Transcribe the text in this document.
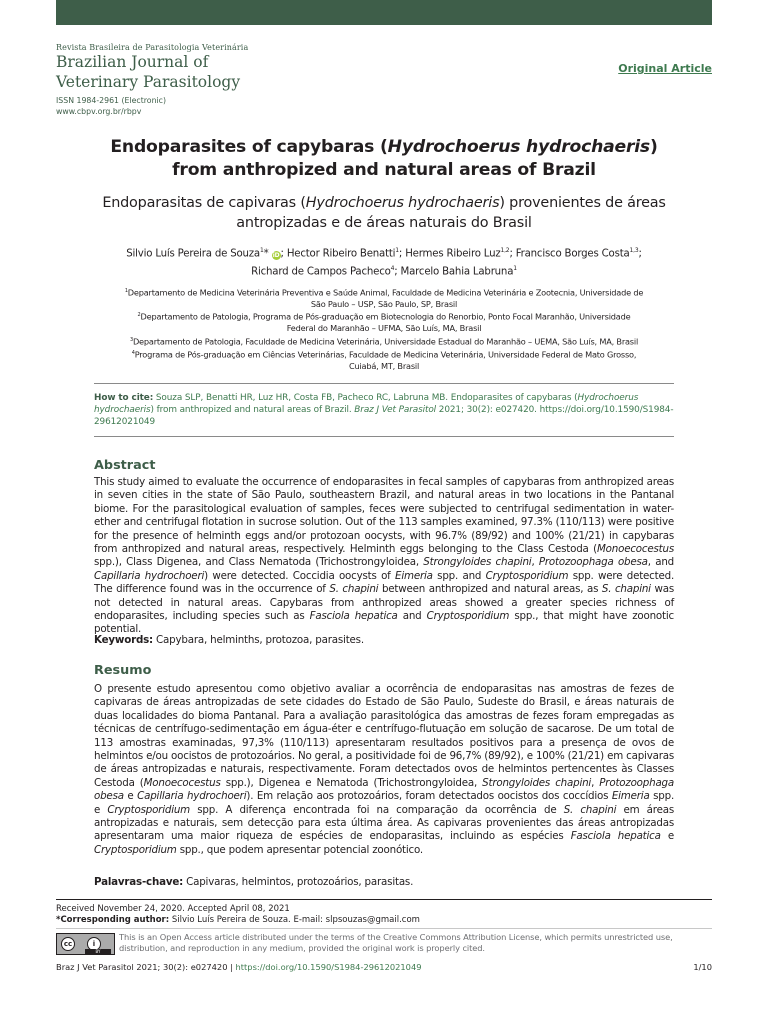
Revista Brasileira de Parasitologia Veterinária
Brazilian Journal of
Veterinary Parasitology
ISSN 1984-2961 (Electronic)
www.cbpv.org.br/rbpv
Original Article
Endoparasites of capybaras (Hydrochoerus hydrochaeris)
from anthropized and natural areas of Brazil
Endoparasitas de capivaras (Hydrochoerus hydrochaeris) provenientes de áreas
antropizadas e de áreas naturais do Brasil
Silvio Luís Pereira de Souza$^1$* iD; Hector Ribeiro Benatti$^1$; Hermes Ribeiro Luz$^{1,2}$; Francisco Borges Costa$^{1,3}$;
Richard de Campos Pacheco$^4$; Marcelo Bahia Labruna$^1$

$^1$Departamento de Medicina Veterinária Preventiva e Saúde Animal, Faculdade de Medicina Veterinária e Zootecnia, Universidade de
São Paulo – USP, São Paulo, SP, Brasil

$^2$Departamento de Patologia, Programa de Pós-graduação em Biotecnologia do Renorbio, Ponto Focal Maranhão, Universidade
Federal do Maranhão – UFMA, São Luís, MA, Brasil

$^3$Departamento de Patologia, Faculdade de Medicina Veterinária, Universidade Estadual do Maranhão – UEMA, São Luís, MA, Brasil

$^4$Programa de Pós-graduação em Ciências Veterinárias, Faculdade de Medicina Veterinária, Universidade Federal de Mato Grosso,
Cuiabá, MT, Brasil

How to cite: Souza SLP, Benatti HR, Luz HR, Costa FB, Pacheco RC, Labruna MB. Endoparasites of capybaras (Hydrochoerus hydrochaeris) from anthropized and natural areas of Brazil. Braz J Vet Parasitol 2021; 30(2): e027420. https://doi.org/10.1590/S1984-29612021049
Abstract

This study aimed to evaluate the occurrence of endoparasites in fecal samples of capybaras from anthropized areas in seven cities in the state of São Paulo, southeastern Brazil, and natural areas in two locations in the Pantanal biome. For the parasitological evaluation of samples, feces were subjected to centrifugal sedimentation in water-ether and centrifugal flotation in sucrose solution. Out of the 113 samples examined, 97.3% (110/113) were positive for the presence of helminth eggs and/or protozoan oocysts, with 96.7% (89/92) and 100% (21/21) in capybaras from anthropized and natural areas, respectively. Helminth eggs belonging to the Class Cestoda (Monoecocestus spp.), Class Digenea, and Class Nematoda (Trichostrongyloidea, Strongyloides chapini, Protozoophaga obesa, and Capillaria hydrochoeri) were detected. Coccidia oocysts of Eimeria spp. and Cryptosporidium spp. were detected. The difference found was in the occurrence of S. chapini between anthropized and natural areas, as S. chapini was not detected in natural areas. Capybaras from anthropized areas showed a greater species richness of endoparasites, including species such as Fasciola hepatica and Cryptosporidium spp., that might have zoonotic potential.

Keywords: Capybara, helminths, protozoa, parasites.
Resumo

O presente estudo apresentou como objetivo avaliar a ocorrência de endoparasitas nas amostras de fezes de capivaras de áreas antropizadas de sete cidades do Estado de São Paulo, Sudeste do Brasil, e áreas naturais de duas localidades do bioma Pantanal. Para a avaliação parasitológica das amostras de fezes foram empregadas as técnicas de centrífugo-sedimentação em água-éter e centrífugo-flutuação em solução de sacarose. De um total de 113 amostras examinadas, 97,3% (110/113) apresentaram resultados positivos para a presença de ovos de helmintos e/ou oocistos de protozoários. No geral, a positividade foi de 96,7% (89/92), e 100% (21/21) em capivaras de áreas antropizadas e naturais, respectivamente. Foram detectados ovos de helmintos pertencentes às Classes Cestoda (Monoecocestus spp.), Digenea e Nematoda (Trichostrongyloidea, Strongyloides chapini, Protozoophaga obesa e Capillaria hydrochoeri). Em relação aos protozoários, foram detectados oocistos dos coccídios Eimeria spp. e Cryptosporidium spp. A diferença encontrada foi na comparação da ocorrência de S. chapini em áreas antropizadas e naturais, sem detecção para esta última área. As capivaras provenientes das áreas antropizadas apresentaram uma maior riqueza de espécies de endoparasitas, incluindo as espécies Fasciola hepatica e Cryptosporidium spp., que podem apresentar potencial zoonótico.

Palavras-chave: Capivaras, helmintos, protozoários, parasitas.
Received November 24, 2020. Accepted April 08, 2021
*Corresponding author: Silvio Luís Pereira de Souza. E-mail: slpsouzas@gmail.com
cc	i
BY
This is an Open Access article distributed under the terms of the Creative Commons Attribution License, which permits unrestricted use, distribution, and reproduction in any medium, provided the original work is properly cited.
Braz J Vet Parasitol 2021; 30(2): e027420 | https://doi.org/10.1590/S1984-29612021049	1/10
